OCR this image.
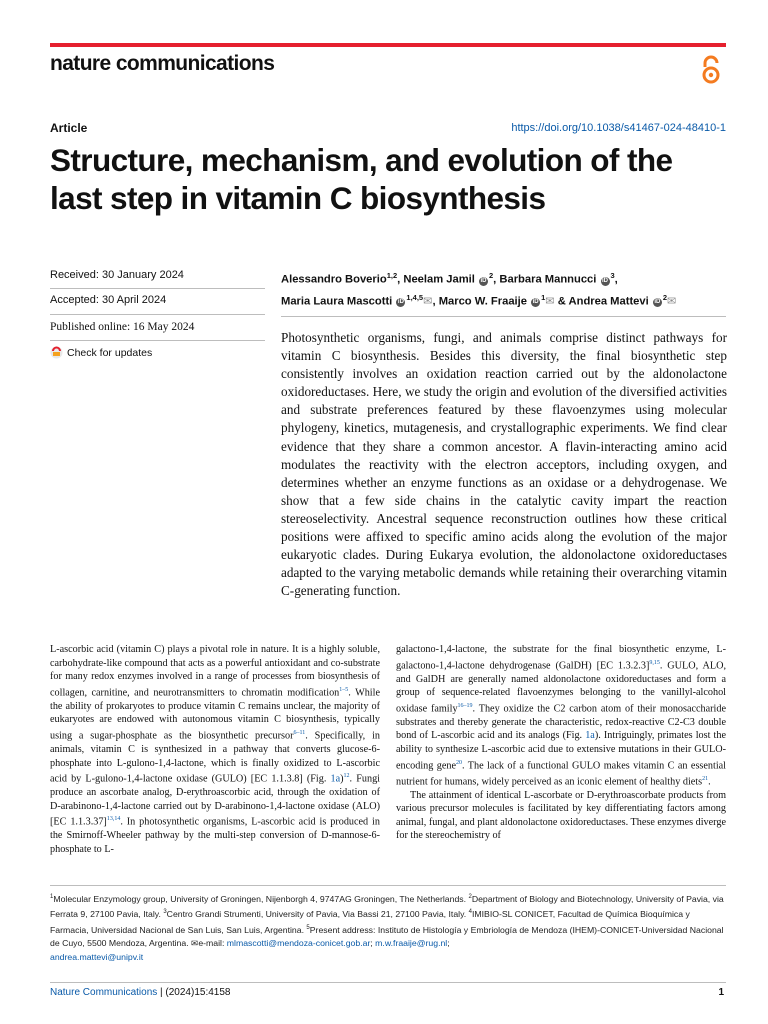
nature communications
Article	https://doi.org/10.1038/s41467-024-48410-1
Structure, mechanism, and evolution of the last step in vitamin C biosynthesis
Received: 30 January 2024
Accepted: 30 April 2024
Published online: 16 May 2024
Check for updates
Alessandro Boverio$^{1,2}$, Neelam Jamil $iD^2$, Barbara Mannucci $iD^3$,
Maria Laura Mascotti iD$^{1,4,5}$✉, Marco W. Fraaije $iD^1✉$ & Andrea Mattevi $iD^2✉$
Photosynthetic organisms, fungi, and animals comprise distinct pathways for vitamin C biosynthesis. Besides this diversity, the final biosynthetic step consistently involves an oxidation reaction carried out by the aldonolactone oxidoreductases. Here, we study the origin and evolution of the diversified activities and substrate preferences featured by these flavoenzymes using molecular phylogeny, kinetics, mutagenesis, and crystallographic experiments. We find clear evidence that they share a common ancestor. A flavin-interacting amino acid modulates the reactivity with the electron acceptors, including oxygen, and determines whether an enzyme functions as an oxidase or a dehydrogenase. We show that a few side chains in the catalytic cavity impart the reaction stereoselectivity. Ancestral sequence reconstruction outlines how these critical positions were affixed to specific amino acids along the evolution of the major eukaryotic clades. During Eukarya evolution, the aldonolactone oxidoreductases adapted to the varying metabolic demands while retaining their overarching vitamin C-generating function.

L-ascorbic acid (vitamin C) plays a pivotal role in nature. It is a highly soluble, carbohydrate-like compound that acts as a powerful antioxidant and co-substrate for many redox enzymes involved in a range of processes from biosynthesis of collagen, carnitine, and neurotransmitters to chromatin modification$^{1-5}$. While the ability of prokaryotes to produce vitamin C remains unclear, the majority of eukaryotes are endowed with autonomous vitamin C biosynthesis, typically using a sugar-phosphate as the biosynthetic precursor$^{6-11}$. Specifically, in animals, vitamin C is synthesized in a pathway that converts glucose-6-phosphate into L-gulono-1,4-lactone, which is finally oxidized to L-ascorbic acid by L-gulono-1,4-lactone oxidase (GULO) [EC 1.1.3.8] (Fig. 1a)$^{12}$. Fungi produce an ascorbate analog, D-erythroascorbic acid, through the oxidation of D-arabinono-1,4-lactone carried out by D-arabinono-1,4-lactone oxidase (ALO) [EC 1.1.3.37]$^{13,14}$. In photosynthetic organisms, L-ascorbic acid is produced in the Smirnoff-Wheeler pathway by the multi-step conversion of D-mannose-6-phosphate to L-

galactono-1,4-lactone, the substrate for the final biosynthetic enzyme, L-galactono-1,4-lactone dehydrogenase (GalDH) [EC 1.3.2.3]$^{9,15}$. GULO, ALO, and GalDH are generally named aldonolactone oxidoreductases and form a group of sequence-related flavoenzymes belonging to the vanillyl-alcohol oxidase family$^{16-19}$. They oxidize the C2 carbon atom of their monosaccharide substrates and thereby generate the characteristic, redox-reactive C2-C3 double bond of L-ascorbic acid and its analogs (Fig. 1a). Intriguingly, primates lost the ability to synthesize L-ascorbic acid due to extensive mutations in their GULO-encoding gene$^{20}$. The lack of a functional GULO makes vitamin C an essential nutrient for humans, widely perceived as an iconic element of healthy diets$^{21}$.

The attainment of identical L-ascorbate or D-erythroascorbate products from various precursor molecules is facilitated by key differentiating factors among animal, fungal, and plant aldonolactone oxidoreductases. These enzymes diverge for the stereochemistry of

$^1$Molecular Enzymology group, University of Groningen, Nijenborgh 4, 9747AG Groningen, The Netherlands. $^2$Department of Biology and Biotechnology, University of Pavia, via Ferrata 9, 27100 Pavia, Italy. $^3$Centro Grandi Strumenti, University of Pavia, Via Bassi 21, 27100 Pavia, Italy. $^4$IMIBIO-SL CONICET, Facultad de Química Bioquímica y Farmacia, Universidad Nacional de San Luis, San Luis, Argentina. $^5$Present address: Instituto de Histología y Embriología de Mendoza (IHEM)-CONICET-Universidad Nacional de Cuyo, 5500 Mendoza, Argentina. ✉e-mail: mlmascotti@mendoza-conicet.gob.ar; m.w.fraaije@rug.nl;
andrea.mattevi@unipv.it
Nature Communications | (2024)15:4158	1
